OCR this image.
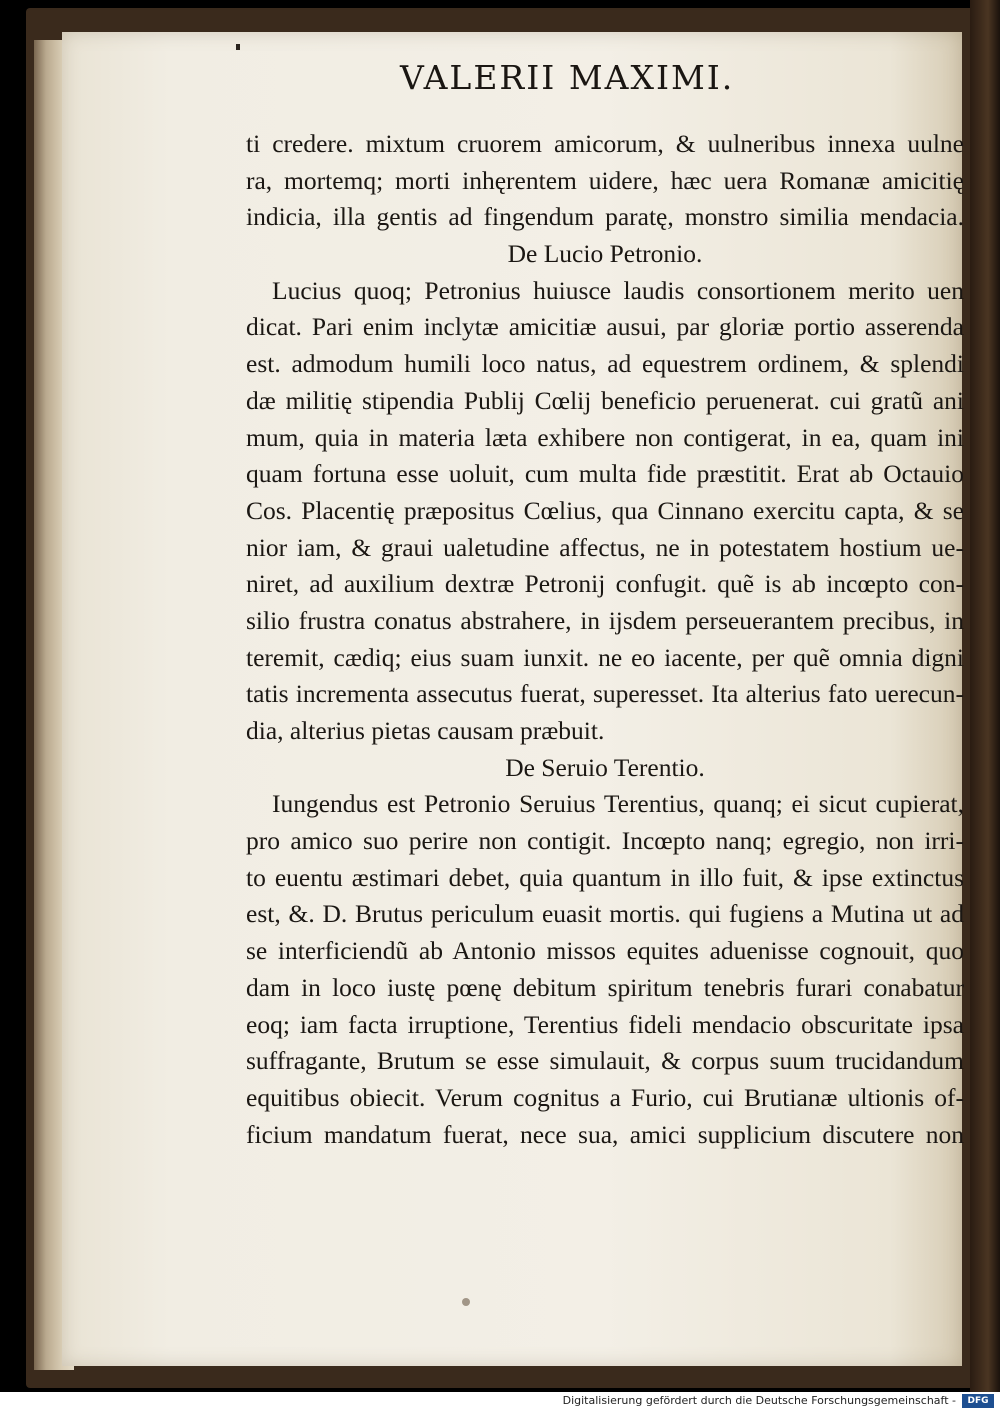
VALERII MAXIMI.
ti credere. mixtum cruorem amicorum, & uulneribus innexa uulne
ra, mortemq; morti inhęrentem uidere, hæc uera Romanæ amicitię
indicia, illa gentis ad fingendum paratę, monstro similia mendacia.
De Lucio Petronio.
Lucius quoq; Petronius huiusce laudis consortionem merito uen
dicat. Pari enim inclytæ amicitiæ ausui, par gloriæ portio asserenda
est. admodum humili loco natus, ad equestrem ordinem, & splendi
dæ militię stipendia Publij Cœlij beneficio peruenerat. cui gratũ ani
mum, quia in materia læta exhibere non contigerat, in ea, quam ini
quam fortuna esse uoluit, cum multa fide præstitit. Erat ab Octauio
Cos. Placentię præpositus Cœlius, qua Cinnano exercitu capta, & se
nior iam, & graui ualetudine affectus, ne in potestatem hostium ue-
niret, ad auxilium dextræ Petronij confugit. quẽ is ab incœpto con-
silio frustra conatus abstrahere, in ijsdem perseuerantem precibus, in
teremit, cædiq; eius suam iunxit. ne eo iacente, per quẽ omnia digni
tatis incrementa assecutus fuerat, superesset. Ita alterius fato uerecun-
dia, alterius pietas causam præbuit.
De Seruio Terentio.
Iungendus est Petronio Seruius Terentius, quanq; ei sicut cupierat,
pro amico suo perire non contigit. Incœpto nanq; egregio, non irri-
to euentu æstimari debet, quia quantum in illo fuit, & ipse extinctus
est, &. D. Brutus periculum euasit mortis. qui fugiens a Mutina ut ad
se interficiendũ ab Antonio missos equites aduenisse cognouit, quo
dam in loco iustę pœnę debitum spiritum tenebris furari conabatur
eoq; iam facta irruptione, Terentius fideli mendacio obscuritate ipsa
suffragante, Brutum se esse simulauit, & corpus suum trucidandum
equitibus obiecit. Verum cognitus a Furio, cui Brutianæ ultionis of-
ficium mandatum fuerat, nece sua, amici supplicium discutere non
Digitalisierung gefördert durch die Deutsche Forschungsgemeinschaft -	DFG
